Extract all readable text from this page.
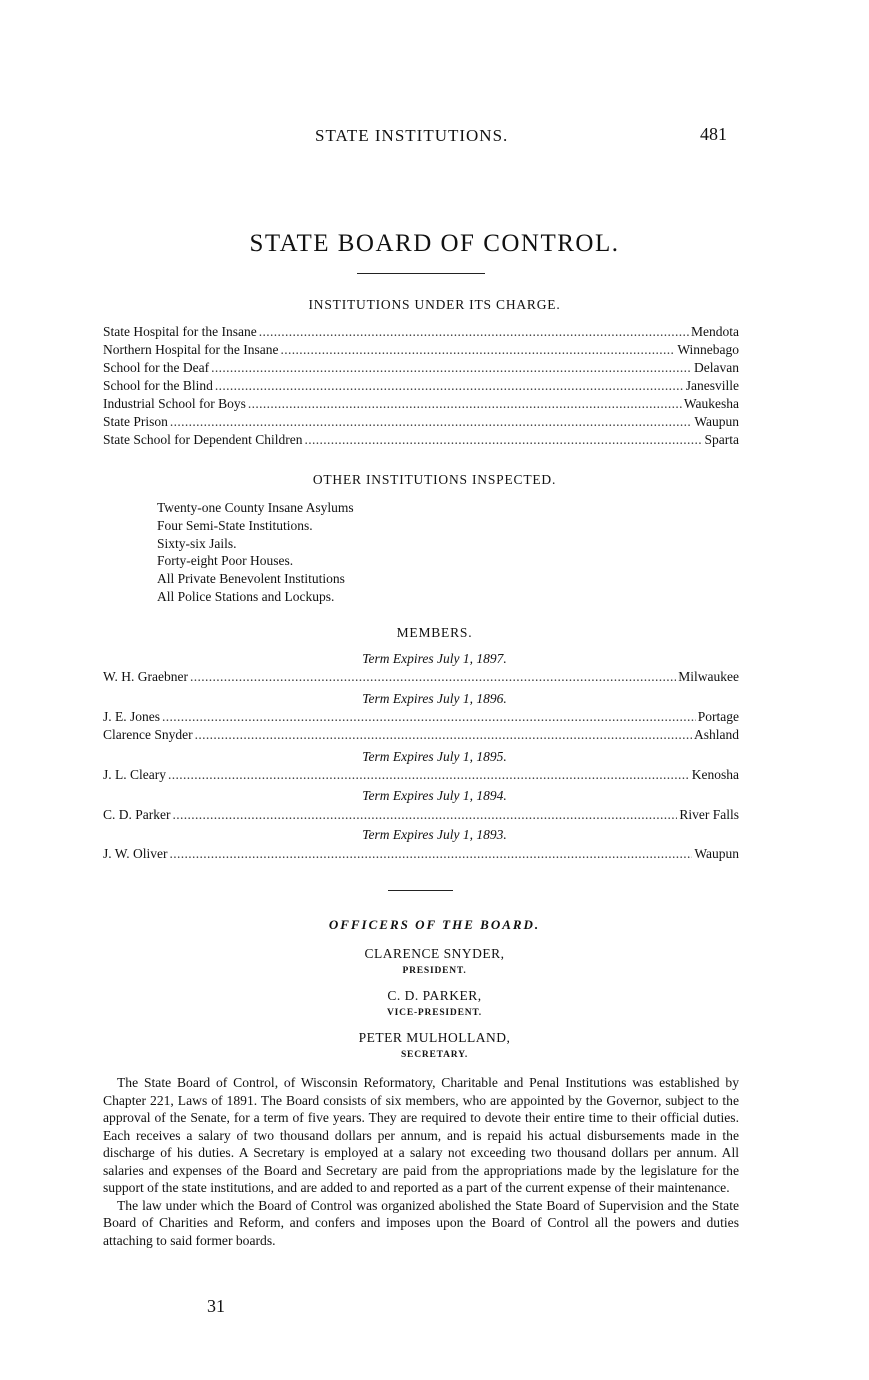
STATE INSTITUTIONS.	481
STATE BOARD OF CONTROL.
INSTITUTIONS UNDER ITS CHARGE.
State Hospital for the Insane . . .	Mendota
Northern Hospital for the Insane . . .	Winnebago
School for the Deaf . . .	Delavan
School for the Blind . . .	Janesville
Industrial School for Boys . . .	Waukesha
State Prison . . .	Waupun
State School for Dependent Children . . .	Sparta
OTHER INSTITUTIONS INSPECTED.
Twenty-one County Insane Asylums
Four Semi-State Institutions.
Sixty-six Jails.
Forty-eight Poor Houses.
All Private Benevolent Institutions
All Police Stations and Lockups.
MEMBERS.
Term Expires July 1, 1897.
W. H. Graebner . . .	Milwaukee
Term Expires July 1, 1896.
J. E. Jones . . .	Portage
Clarence Snyder . . .	Ashland
Term Expires July 1, 1895.
J. L. Cleary . . .	Kenosha
Term Expires July 1, 1894.
C. D. Parker . . .	River Falls
Term Expires July 1, 1893.
J. W. Oliver . . .	Waupun
OFFICERS OF THE BOARD.
CLARENCE SNYDER,
PRESIDENT.
C. D. PARKER,
VICE-PRESIDENT.
PETER MULHOLLAND,
SECRETARY.

The State Board of Control, of Wisconsin Reformatory, Charitable and Penal Institutions was established by Chapter 221, Laws of 1891. The Board consists of six members, who are appointed by the Governor, subject to the approval of the Senate, for a term of five years. They are required to devote their entire time to their official duties. Each receives a salary of two thousand dollars per annum, and is repaid his actual disbursements made in the discharge of his duties. A Secretary is employed at a salary not exceeding two thousand dollars per annum. All salaries and expenses of the Board and Secretary are paid from the appropriations made by the legislature for the support of the state institutions, and are added to and reported as a part of the current expense of their maintenance.

The law under which the Board of Control was organized abolished the State Board of Supervision and the State Board of Charities and Reform, and confers and imposes upon the Board of Control all the powers and duties attaching to said former boards.

31
